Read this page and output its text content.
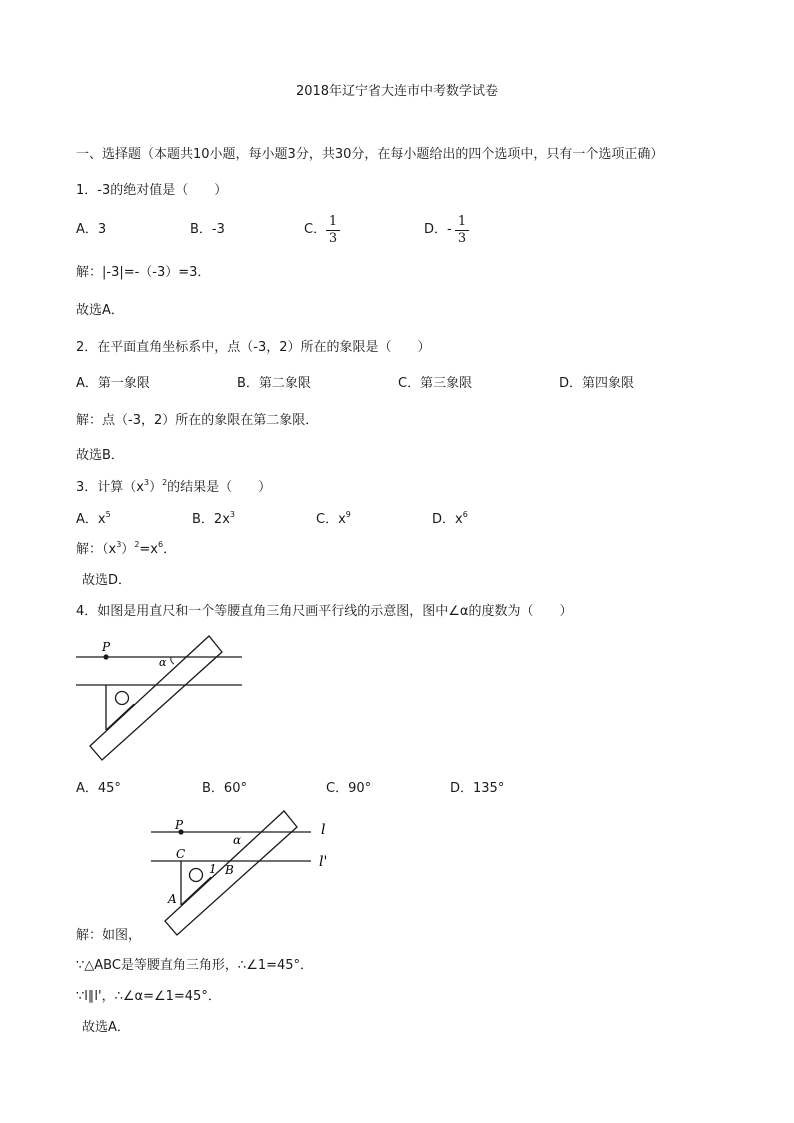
2018年辽宁省大连市中考数学试卷
一、选择题（本题共10小题，每小题3分，共30分，在每小题给出的四个选项中，只有一个选项正确）
1．-3的绝对值是（　　）
A．3	B．-3	C．
1
3
D．-
1
3
解：|-3|=-（-3）=3．
故选A．
2．在平面直角坐标系中，点（-3，2）所在的象限是（　　）
A．第一象限	B．第二象限	C．第三象限	D．第四象限
解：点（-3，2）所在的象限在第二象限．
故选B．
3．计算$(x^3)^2$的结果是（　　）
A．$x^5$	B．$2x^3$	C．$x^9$	D．$x^6$
解：$(x^3)^2=x^6$．
故选D．
4．如图是用直尺和一个等腰直角三角尺画平行线的示意图，图中∠α的度数为（　　）
P
α
A．45°	B．60°	C．90°	D．135°
P
α
C
1 B
A
l
l'
解：如图，
∵△ABC是等腰直角三角形，∴∠1=45°．
∵l∥l'，∴∠α=∠1=45°．
故选A．
